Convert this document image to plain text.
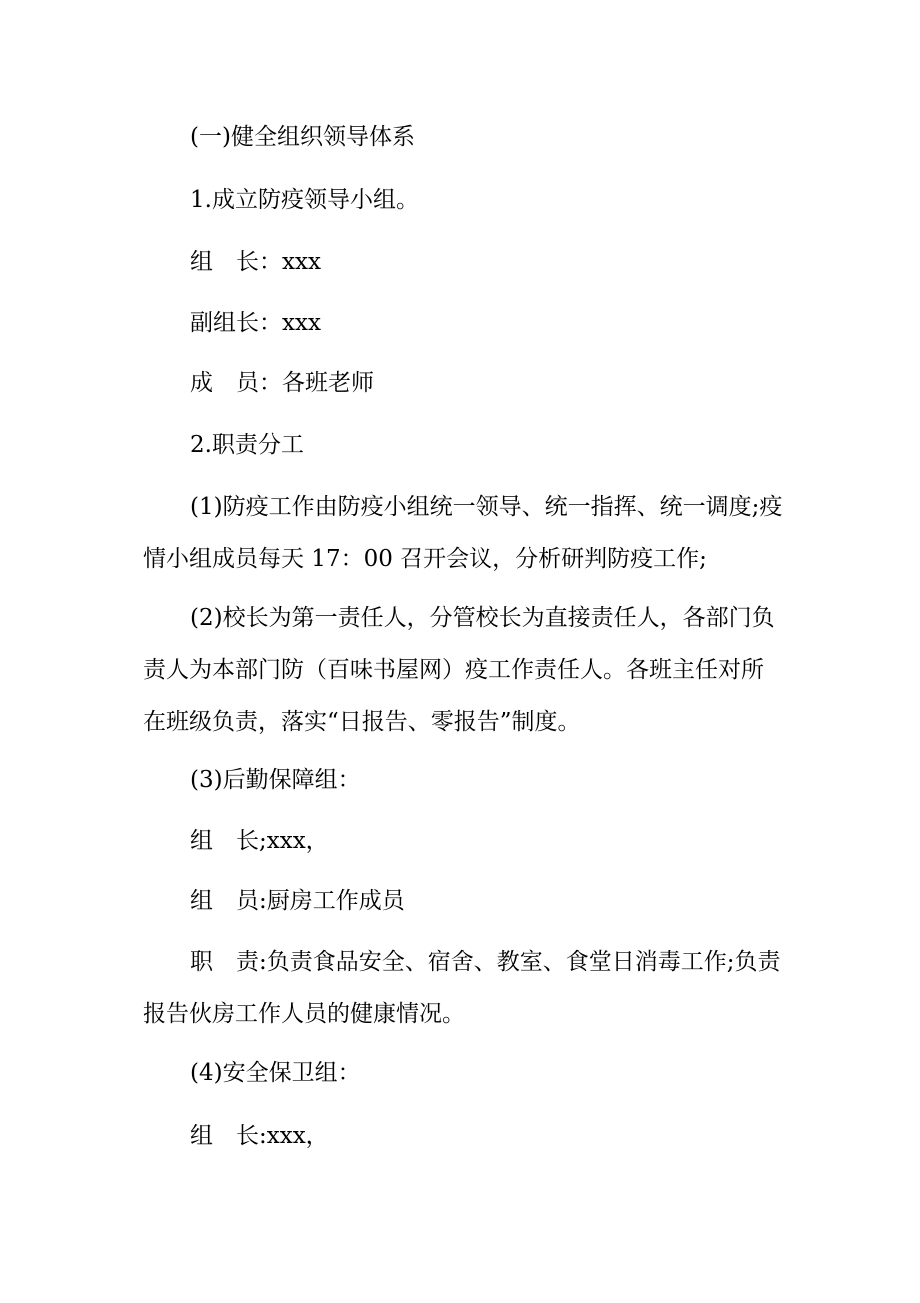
(一)健全组织领导体系

1.成立防疫领导小组。

组　长：xxx

副组长：xxx

成　员：各班老师

2.职责分工

(1)防疫工作由防疫小组统一领导、统一指挥、统一调度;疫情小组成员每天 17：00 召开会议，分析研判防疫工作;

(2)校长为第一责任人，分管校长为直接责任人，各部门负责人为本部门防（百味书屋网）疫工作责任人。各班主任对所在班级负责，落实“日报告、零报告”制度。

(3)后勤保障组：

组　长;xxx，

组　员:厨房工作成员

职　责:负责食品安全、宿舍、教室、食堂日消毒工作;负责报告伙房工作人员的健康情况。

(4)安全保卫组：

组　长:xxx，
